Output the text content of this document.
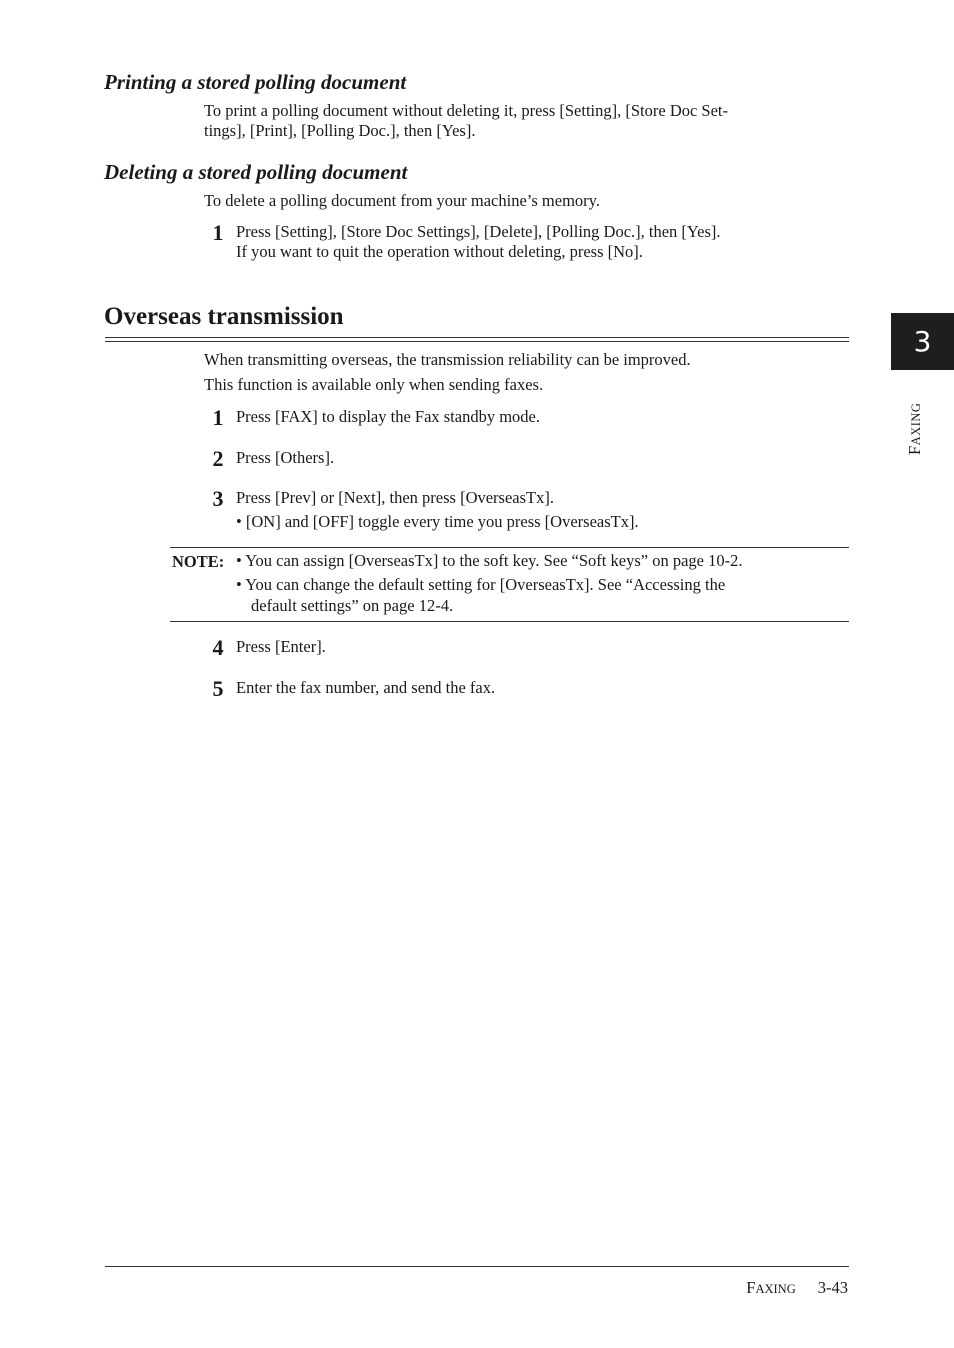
Printing a stored polling document
To print a polling document without deleting it, press [Setting], [Store Doc Set-
tings], [Print], [Polling Doc.], then [Yes].
Deleting a stored polling document
To delete a polling document from your machine’s memory.
1 Press [Setting], [Store Doc Settings], [Delete], [Polling Doc.], then [Yes].
If you want to quit the operation without deleting, press [No].
Overseas transmission
When transmitting overseas, the transmission reliability can be improved.
This function is available only when sending faxes.
1 Press [FAX] to display the Fax standby mode.
2 Press [Others].
3 Press [Prev] or [Next], then press [OverseasTx].
• [ON] and [OFF] toggle every time you press [OverseasTx].
NOTE: • You can assign [OverseasTx] to the soft key. See “Soft keys” on page 10-2.
• You can change the default setting for [OverseasTx]. See “Accessing the
default settings” on page 12-4.
4 Press [Enter].
5 Enter the fax number, and send the fax.
3
FAXING
FAXING 3-43
